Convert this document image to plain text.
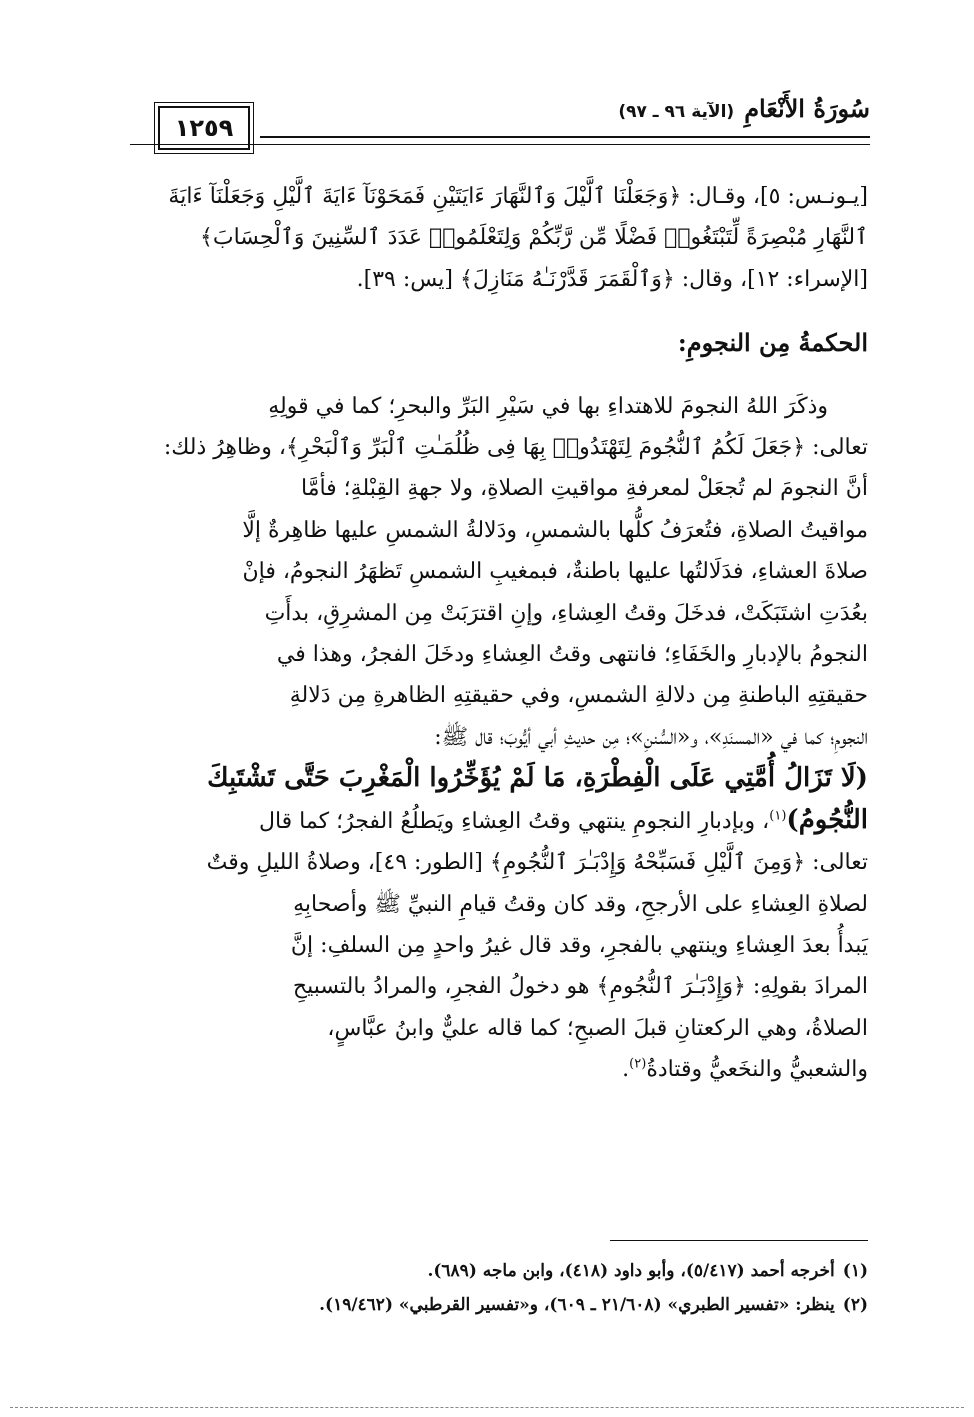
١٢٥٩
سُورَةُ الأَنْعَامِ
(الآية ٩٦ ـ ٩٧)

[يـونـس: ٥]، وقـال: ﴿وَجَعَلْنَا ٱلَّيْلَ وَٱلنَّهَارَ ءَايَتَيْنِ فَمَحَوْنَآ ءَايَةَ ٱلَّيْلِ وَجَعَلْنَآ ءَايَةَ

ٱلنَّهَارِ مُبْصِرَةً لِّتَبْتَغُوا۟ فَضْلًا مِّن رَّبِّكُمْ وَلِتَعْلَمُوا۟ عَدَدَ ٱلسِّنِينَ وَٱلْحِسَابَ﴾

[الإسراء: ١٢]، وقال: ﴿وَٱلْقَمَرَ قَدَّرْنَـٰهُ مَنَازِلَ﴾ [يس: ٣٩].

الحكمةُ مِن النجومِ:

وذكَرَ اللهُ النجومَ للاهتداءِ بها في سَيْرِ البَرِّ والبحرِ؛ كما في قولِهِ

تعالى: ﴿جَعَلَ لَكُمُ ٱلنُّجُومَ لِتَهْتَدُوا۟ بِهَا فِى ظُلُمَـٰتِ ٱلْبَرِّ وَٱلْبَحْرِ﴾، وظاهِرُ ذلك:

أنَّ النجومَ لم تُجعَلْ لمعرفةِ مواقيتِ الصلاةِ، ولا جهةِ القِبْلةِ؛ فأمَّا

مواقيتُ الصلاةِ، فتُعرَفُ كلُّها بالشمسِ، ودَلالةُ الشمسِ عليها ظاهِرةٌ إلَّا

صلاةَ العشاءِ، فدَلَالتُها عليها باطنةٌ، فبمغيبِ الشمسِ تَظهَرُ النجومُ، فإنْ

بعُدَتِ اشتَبَكَتْ، فدخَلَ وقتُ العِشاءِ، وإنِ اقترَبَتْ مِن المشرِقِ، بدأَتِ

النجومُ بالإدبارِ والخَفَاءِ؛ فانتهى وقتُ العِشاءِ ودخَلَ الفجرُ، وهذا في

حقيقتِهِ الباطنةِ مِن دلالةِ الشمسِ، وفي حقيقتِهِ الظاهرةِ مِن دَلالةِ

النجومِ؛ كما في «المسنَدِ»، و«السُّننِ»؛ مِن حديثِ أبي أيُّوبَ؛ قال ﷺ:

(لَا تَزَالُ أُمَّتِي عَلَى الْفِطْرَةِ، مَا لَمْ يُؤَخِّرُوا الْمَغْرِبَ حَتَّى تَشْتَبِكَ

النُّجُومُ)$^{(١)}$، وبإدبارِ النجومِ ينتهي وقتُ العِشاءِ ويَطلُعُ الفجرُ؛ كما قال

تعالى: ﴿وَمِنَ ٱلَّيْلِ فَسَبِّحْهُ وَإِدْبَـٰرَ ٱلنُّجُومِ﴾ [الطور: ٤٩]، وصلاةُ الليلِ وقتٌ

لصلاةِ العِشاءِ على الأرجحِ، وقد كان وقتُ قيامِ النبيِّ ﷺ وأصحابِهِ

يَبدأُ بعدَ العِشاءِ وينتهي بالفجرِ، وقد قال غيرُ واحدٍ مِن السلفِ: إنَّ

المرادَ بقولِهِ: ﴿وَإِدْبَـٰرَ ٱلنُّجُومِ﴾ هو دخولُ الفجرِ، والمرادُ بالتسبيحِ

الصلاةُ، وهي الركعتانِ قبلَ الصبحِ؛ كما قاله عليٌّ وابنُ عبَّاسٍ،

والشعبيُّ والنخَعيُّ وقتادةُ$^{(٢)}$.

(١)أخرجه أحمد (٥/٤١٧)، وأبو داود (٤١٨)، وابن ماجه (٦٨٩).
(٢)ينظر: «تفسير الطبري» (٢١/٦٠٨ ـ ٦٠٩)، و«تفسير القرطبي» (١٩/٤٦٢).
